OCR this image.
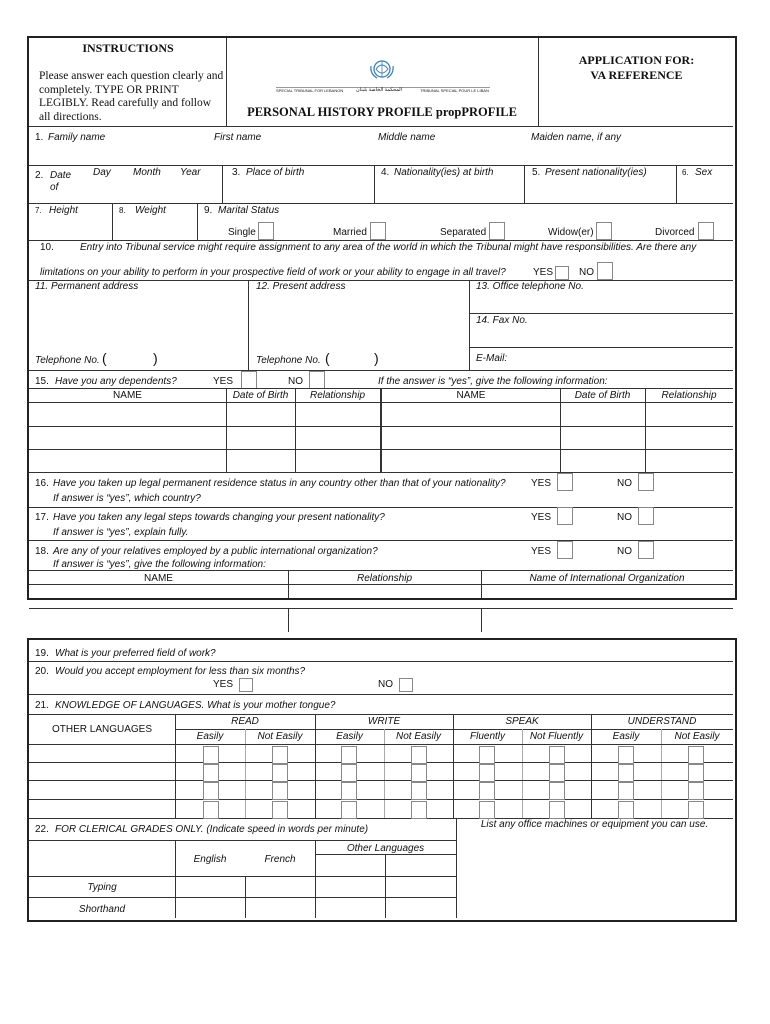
INSTRUCTIONS
Please answer each question clearly and completely. TYPE OR PRINT LEGIBLY. Read carefully and follow all directions.
SPECIAL TRIBUNAL FOR LEBANON	المحكمة الخاصة بلبنان	TRIBUNAL SPECIAL POUR LE LIBAN
PERSONAL HISTORY PROFILE propPROFILE
APPLICATION FOR:
VA REFERENCE
1. Family name	First name	Middle name	Maiden name, if any
2. Date
of
Day Month Year	3. Place of birth	4. Nationality(ies) at birth	5. Present nationality(ies)	6. Sex
7. Height	8. Weight	9. Marital Status
Single	Married	Separated	Widow(er)	Divorced
10.	Entry into Tribunal service might require assignment to any area of the world in which the Tribunal might have responsibilities. Are there any
limitations on your ability to perform in your prospective field of work or your ability to engage in all travel?	YES	NO
11. Permanent address	12. Present address	13. Office telephone No.
14. Fax No.
E-Mail:
Telephone No. (	)	Telephone No. (	)
15. Have you any dependents?	YES	NO	If the answer is “yes”, give the following information:
NAME	Date of Birth	Relationship	NAME	Date of Birth	Relationship
16. Have you taken up legal permanent residence status in any country other than that of your nationality?
If answer is “yes”, which country?
YES	NO
17. Have you taken any legal steps towards changing your present nationality?
If answer is “yes”, explain fully.
YES	NO
18. Are any of your relatives employed by a public international organization?
If answer is “yes”, give the following information:
YES	NO
NAME	Relationship	Name of International Organization
19. What is your preferred field of work?
20. Would you accept employment for less than six months?
YES	NO
21. KNOWLEDGE OF LANGUAGES. What is your mother tongue?
OTHER LANGUAGES
READ	WRITE	SPEAK	UNDERSTAND
Easily	Not Easily	Easily	Not Easily	Fluently	Not Fluently	Easily	Not Easily
22. FOR CLERICAL GRADES ONLY. (Indicate speed in words per minute)	List any office machines or equipment you can use.
Other Languages
English	French
Typing
Shorthand
